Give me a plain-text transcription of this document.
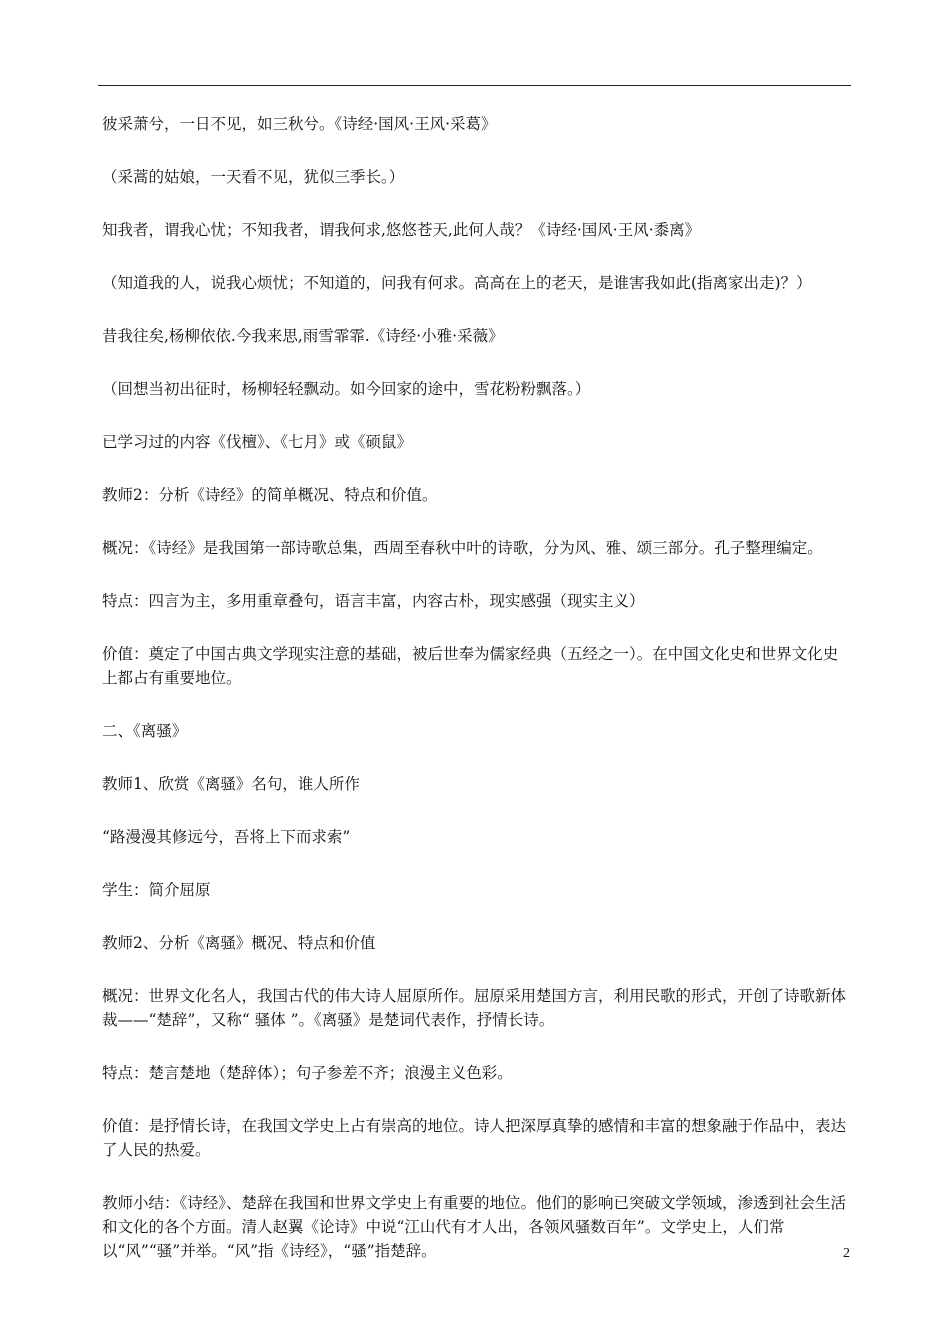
彼采萧兮，一日不见，如三秋兮。《诗经·国风·王风·采葛》

（采蒿的姑娘，一天看不见，犹似三季长。）

知我者，谓我心忧；不知我者，谓我何求,悠悠苍天,此何人哉？《诗经·国风·王风·黍离》

（知道我的人，说我心烦忧；不知道的，问我有何求。高高在上的老天，是谁害我如此(指离家出走)？）

昔我往矣,杨柳依依.今我来思,雨雪霏霏.《诗经·小雅·采薇》

（回想当初出征时，杨柳轻轻飘动。如今回家的途中，雪花粉粉飘落。）

已学习过的内容《伐檀》、《七月》或《硕鼠》

教师2：分析《诗经》的简单概况、特点和价值。

概况：《诗经》是我国第一部诗歌总集，西周至春秋中叶的诗歌，分为风、雅、颂三部分。孔子整理编定。

特点：四言为主，多用重章叠句，语言丰富，内容古朴，现实感强（现实主义）

价值：奠定了中国古典文学现实注意的基础，被后世奉为儒家经典（五经之一）。在中国文化史和世界文化史上都占有重要地位。

二、《离骚》

教师1、欣赏《离骚》名句，谁人所作

“路漫漫其修远兮，吾将上下而求索”

学生：简介屈原

教师2、分析《离骚》概况、特点和价值

概况：世界文化名人，我国古代的伟大诗人屈原所作。屈原采用楚国方言，利用民歌的形式，开创了诗歌新体裁——“楚辞”，又称“ 骚体 ”。《离骚》是楚词代表作，抒情长诗。

特点：楚言楚地（楚辞体）；句子参差不齐；浪漫主义色彩。

价值：是抒情长诗，在我国文学史上占有崇高的地位。诗人把深厚真挚的感情和丰富的想象融于作品中，表达了人民的热爱。

教师小结：《诗经》、楚辞在我国和世界文学史上有重要的地位。他们的影响已突破文学领域，渗透到社会生活和文化的各个方面。清人赵翼《论诗》中说“江山代有才人出，各领风骚数百年”。文学史上，人们常以“风”“骚”并举。“风”指《诗经》，“骚”指楚辞。	2
